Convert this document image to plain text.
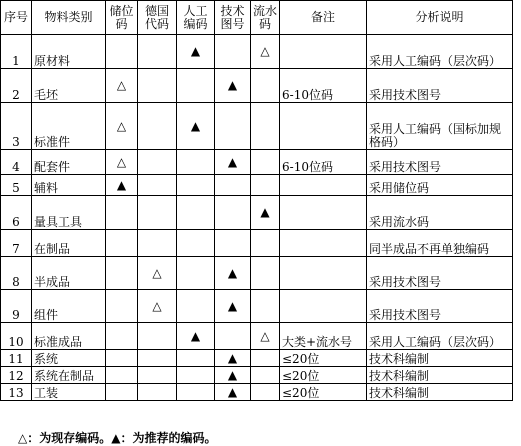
序号	物料类别	储位码	德国代码	人工编码	技术图号	流水码	备注	分析说明
1	原材料			▲		△		采用人工编码（层次码）
2	毛坯	△			▲		6-10位码	采用技术图号
3	标准件	△		▲				采用人工编码（国标加规格码）
4	配套件	△			▲		6-10位码	采用技术图号
5	辅料	▲						采用储位码
6	量具工具					▲		采用流水码
7	在制品							同半成品不再单独编码
8	半成品		△		▲			采用技术图号
9	组件		△		▲			采用技术图号
10	标准成品			▲		△	大类+流水号	采用人工编码（层次码）
11	系统				▲		≤20位	技术科编制
12	系统在制品				▲		≤20位	技术科编制
13	工装				▲		≤20位	技术科编制
△：为现存编码。▲：为推荐的编码。
